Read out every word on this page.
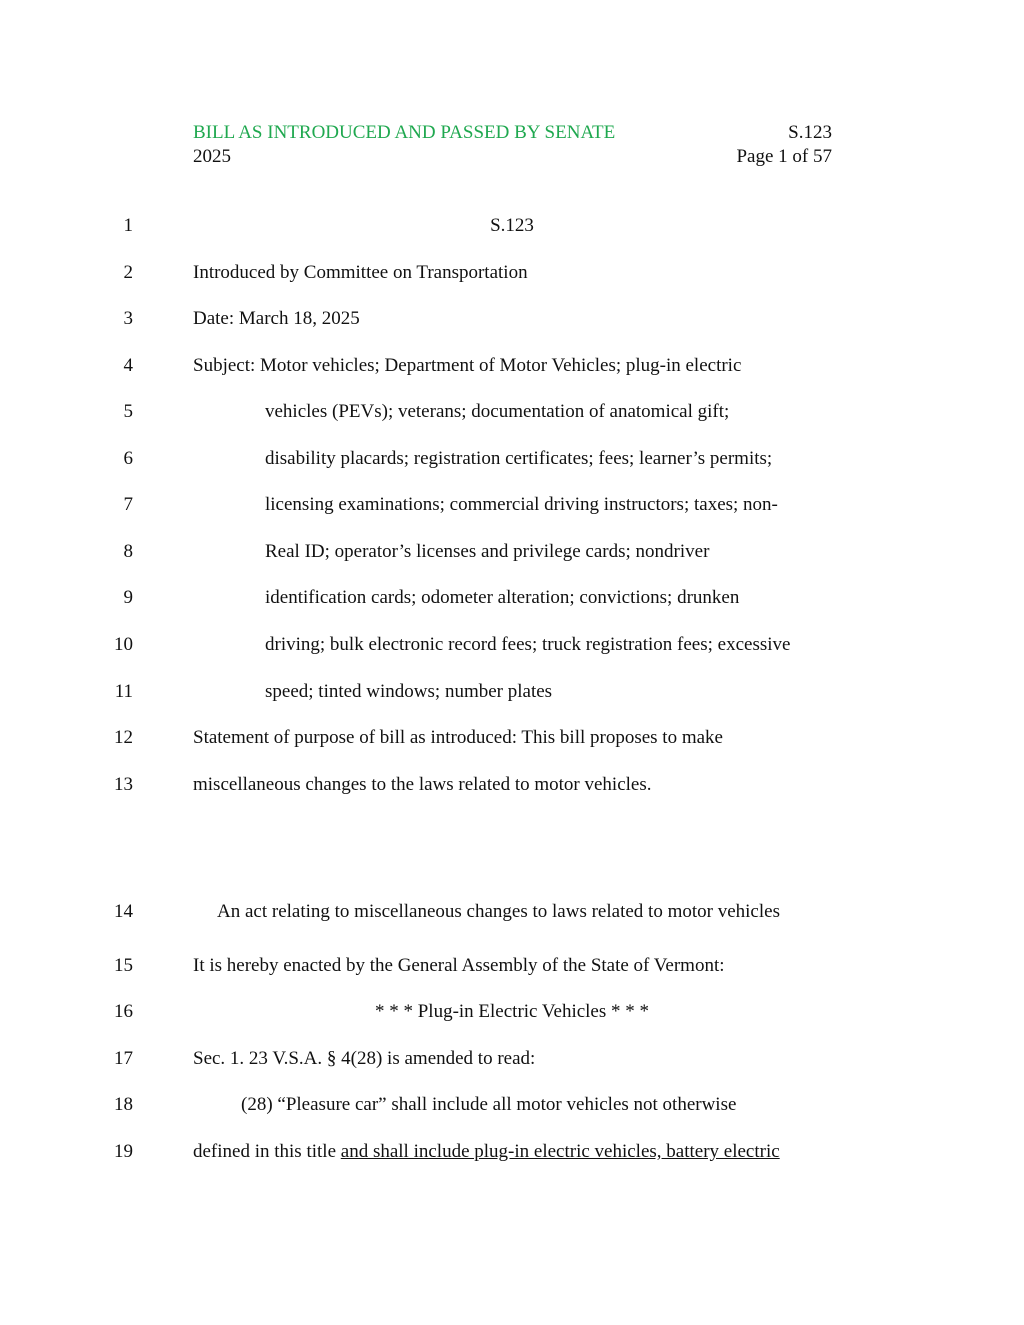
BILL AS INTRODUCED AND PASSED BY SENATE	S.123
2025	Page 1 of 57
1	S.123
2	Introduced by Committee on Transportation
3	Date: March 18, 2025
4	Subject: Motor vehicles; Department of Motor Vehicles; plug-in electric
5	vehicles (PEVs); veterans; documentation of anatomical gift;
6	disability placards; registration certificates; fees; learner’s permits;
7	licensing examinations; commercial driving instructors; taxes; non-
8	Real ID; operator’s licenses and privilege cards; nondriver
9	identification cards; odometer alteration; convictions; drunken
10	driving; bulk electronic record fees; truck registration fees; excessive
11	speed; tinted windows; number plates
12	Statement of purpose of bill as introduced: This bill proposes to make
13	miscellaneous changes to the laws related to motor vehicles.
14	An act relating to miscellaneous changes to laws related to motor vehicles
15	It is hereby enacted by the General Assembly of the State of Vermont:
16	* * * Plug-in Electric Vehicles * * *
17	Sec. 1. 23 V.S.A. § 4(28) is amended to read:
18	(28) “Pleasure car” shall include all motor vehicles not otherwise
19	defined in this title and shall include plug-in electric vehicles, battery electric
